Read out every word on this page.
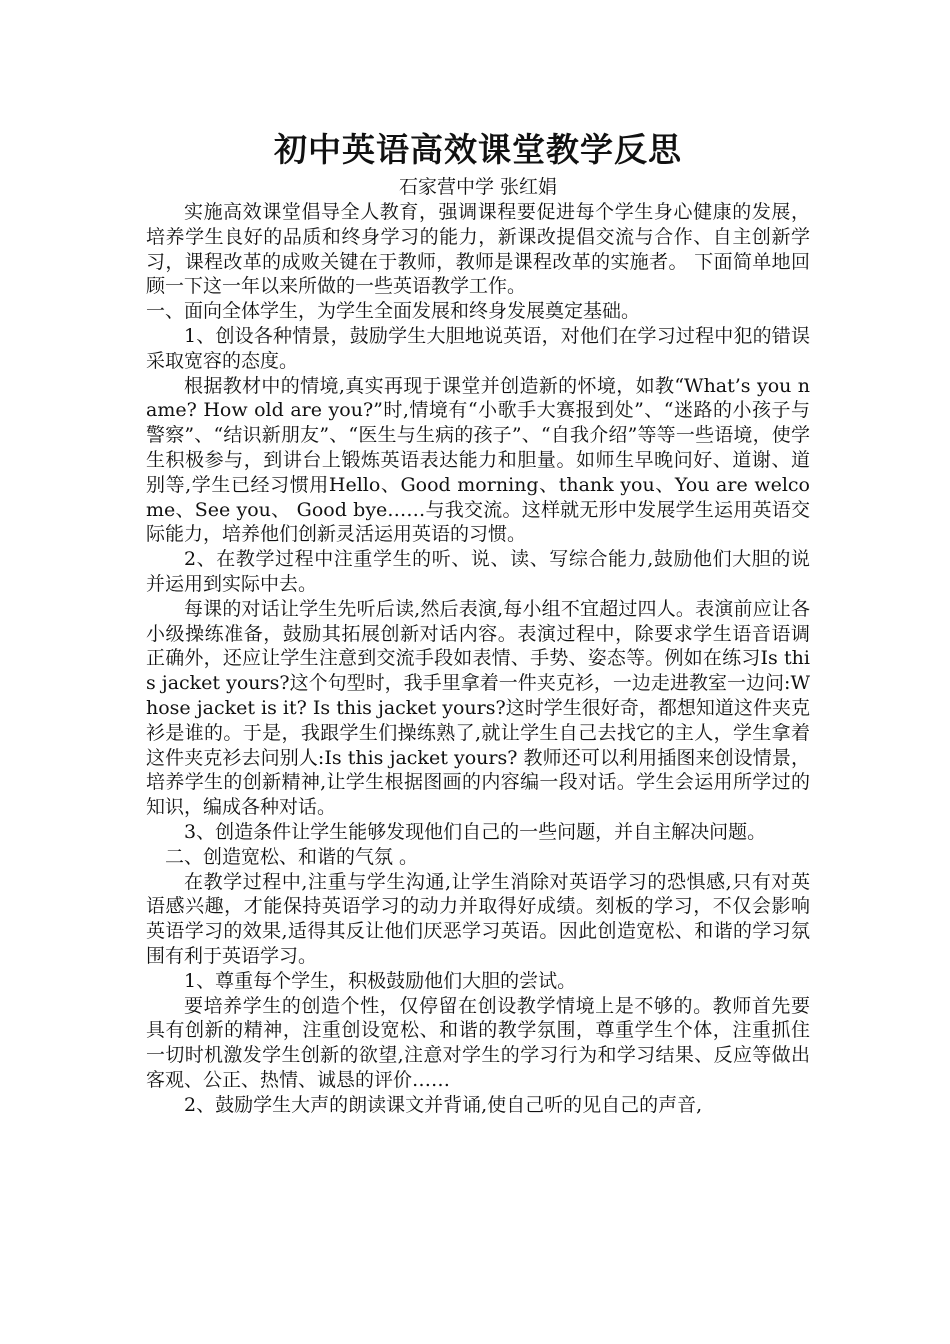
初中英语高效课堂教学反思

石家营中学 张红娟

实施高效课堂倡导全人教育，强调课程要促进每个学生身心健康的发展，培养学生良好的品质和终身学习的能力，新课改提倡交流与合作、自主创新学习，课程改革的成败关键在于教师，教师是课程改革的实施者。 下面简单地回顾一下这一年以来所做的一些英语教学工作。

一、面向全体学生，为学生全面发展和终身发展奠定基础。

1、创设各种情景，鼓励学生大胆地说英语，对他们在学习过程中犯的错误采取宽容的态度。

根据教材中的情境,真实再现于课堂并创造新的怀境，如教“What’s you name? How old are you?”时,情境有“小歌手大赛报到处”、“迷路的小孩子与警察”、“结识新朋友”、“医生与生病的孩子”、“自我介绍”等等一些语境，使学生积极参与，到讲台上锻炼英语表达能力和胆量。如师生早晚问好、道谢、道别等,学生已经习惯用Hello、Good morning、thank you、You are welcome、See you、 Good bye……与我交流。这样就无形中发展学生运用英语交际能力，培养他们创新灵活运用英语的习惯。

2、在教学过程中注重学生的听、说、读、写综合能力,鼓励他们大胆的说并运用到实际中去。

每课的对话让学生先听后读,然后表演,每小组不宜超过四人。表演前应让各小级操练准备，鼓励其拓展创新对话内容。表演过程中，除要求学生语音语调正确外，还应让学生注意到交流手段如表情、手势、姿态等。例如在练习Is this jacket yours?这个句型时，我手里拿着一件夹克衫，一边走进教室一边问:Whose jacket is it? Is this jacket yours?这时学生很好奇，都想知道这件夹克衫是谁的。于是，我跟学生们操练熟了,就让学生自己去找它的主人，学生拿着这件夹克衫去问别人:Is this jacket yours? 教师还可以利用插图来创设情景，培养学生的创新精神,让学生根据图画的内容编一段对话。学生会运用所学过的知识，编成各种对话。

3、创造条件让学生能够发现他们自己的一些问题，并自主解决问题。

二、创造宽松、和谐的气氛 。

在教学过程中,注重与学生沟通,让学生消除对英语学习的恐惧感,只有对英语感兴趣，才能保持英语学习的动力并取得好成绩。刻板的学习，不仅会影响英语学习的效果,适得其反让他们厌恶学习英语。因此创造宽松、和谐的学习氛围有利于英语学习。

1、尊重每个学生，积极鼓励他们大胆的尝试。

要培养学生的创造个性，仅停留在创设教学情境上是不够的。教师首先要具有创新的精神，注重创设宽松、和谐的教学氛围，尊重学生个体，注重抓住一切时机激发学生创新的欲望,注意对学生的学习行为和学习结果、反应等做出客观、公正、热情、诚恳的评价……

2、鼓励学生大声的朗读课文并背诵,使自己听的见自己的声音,
